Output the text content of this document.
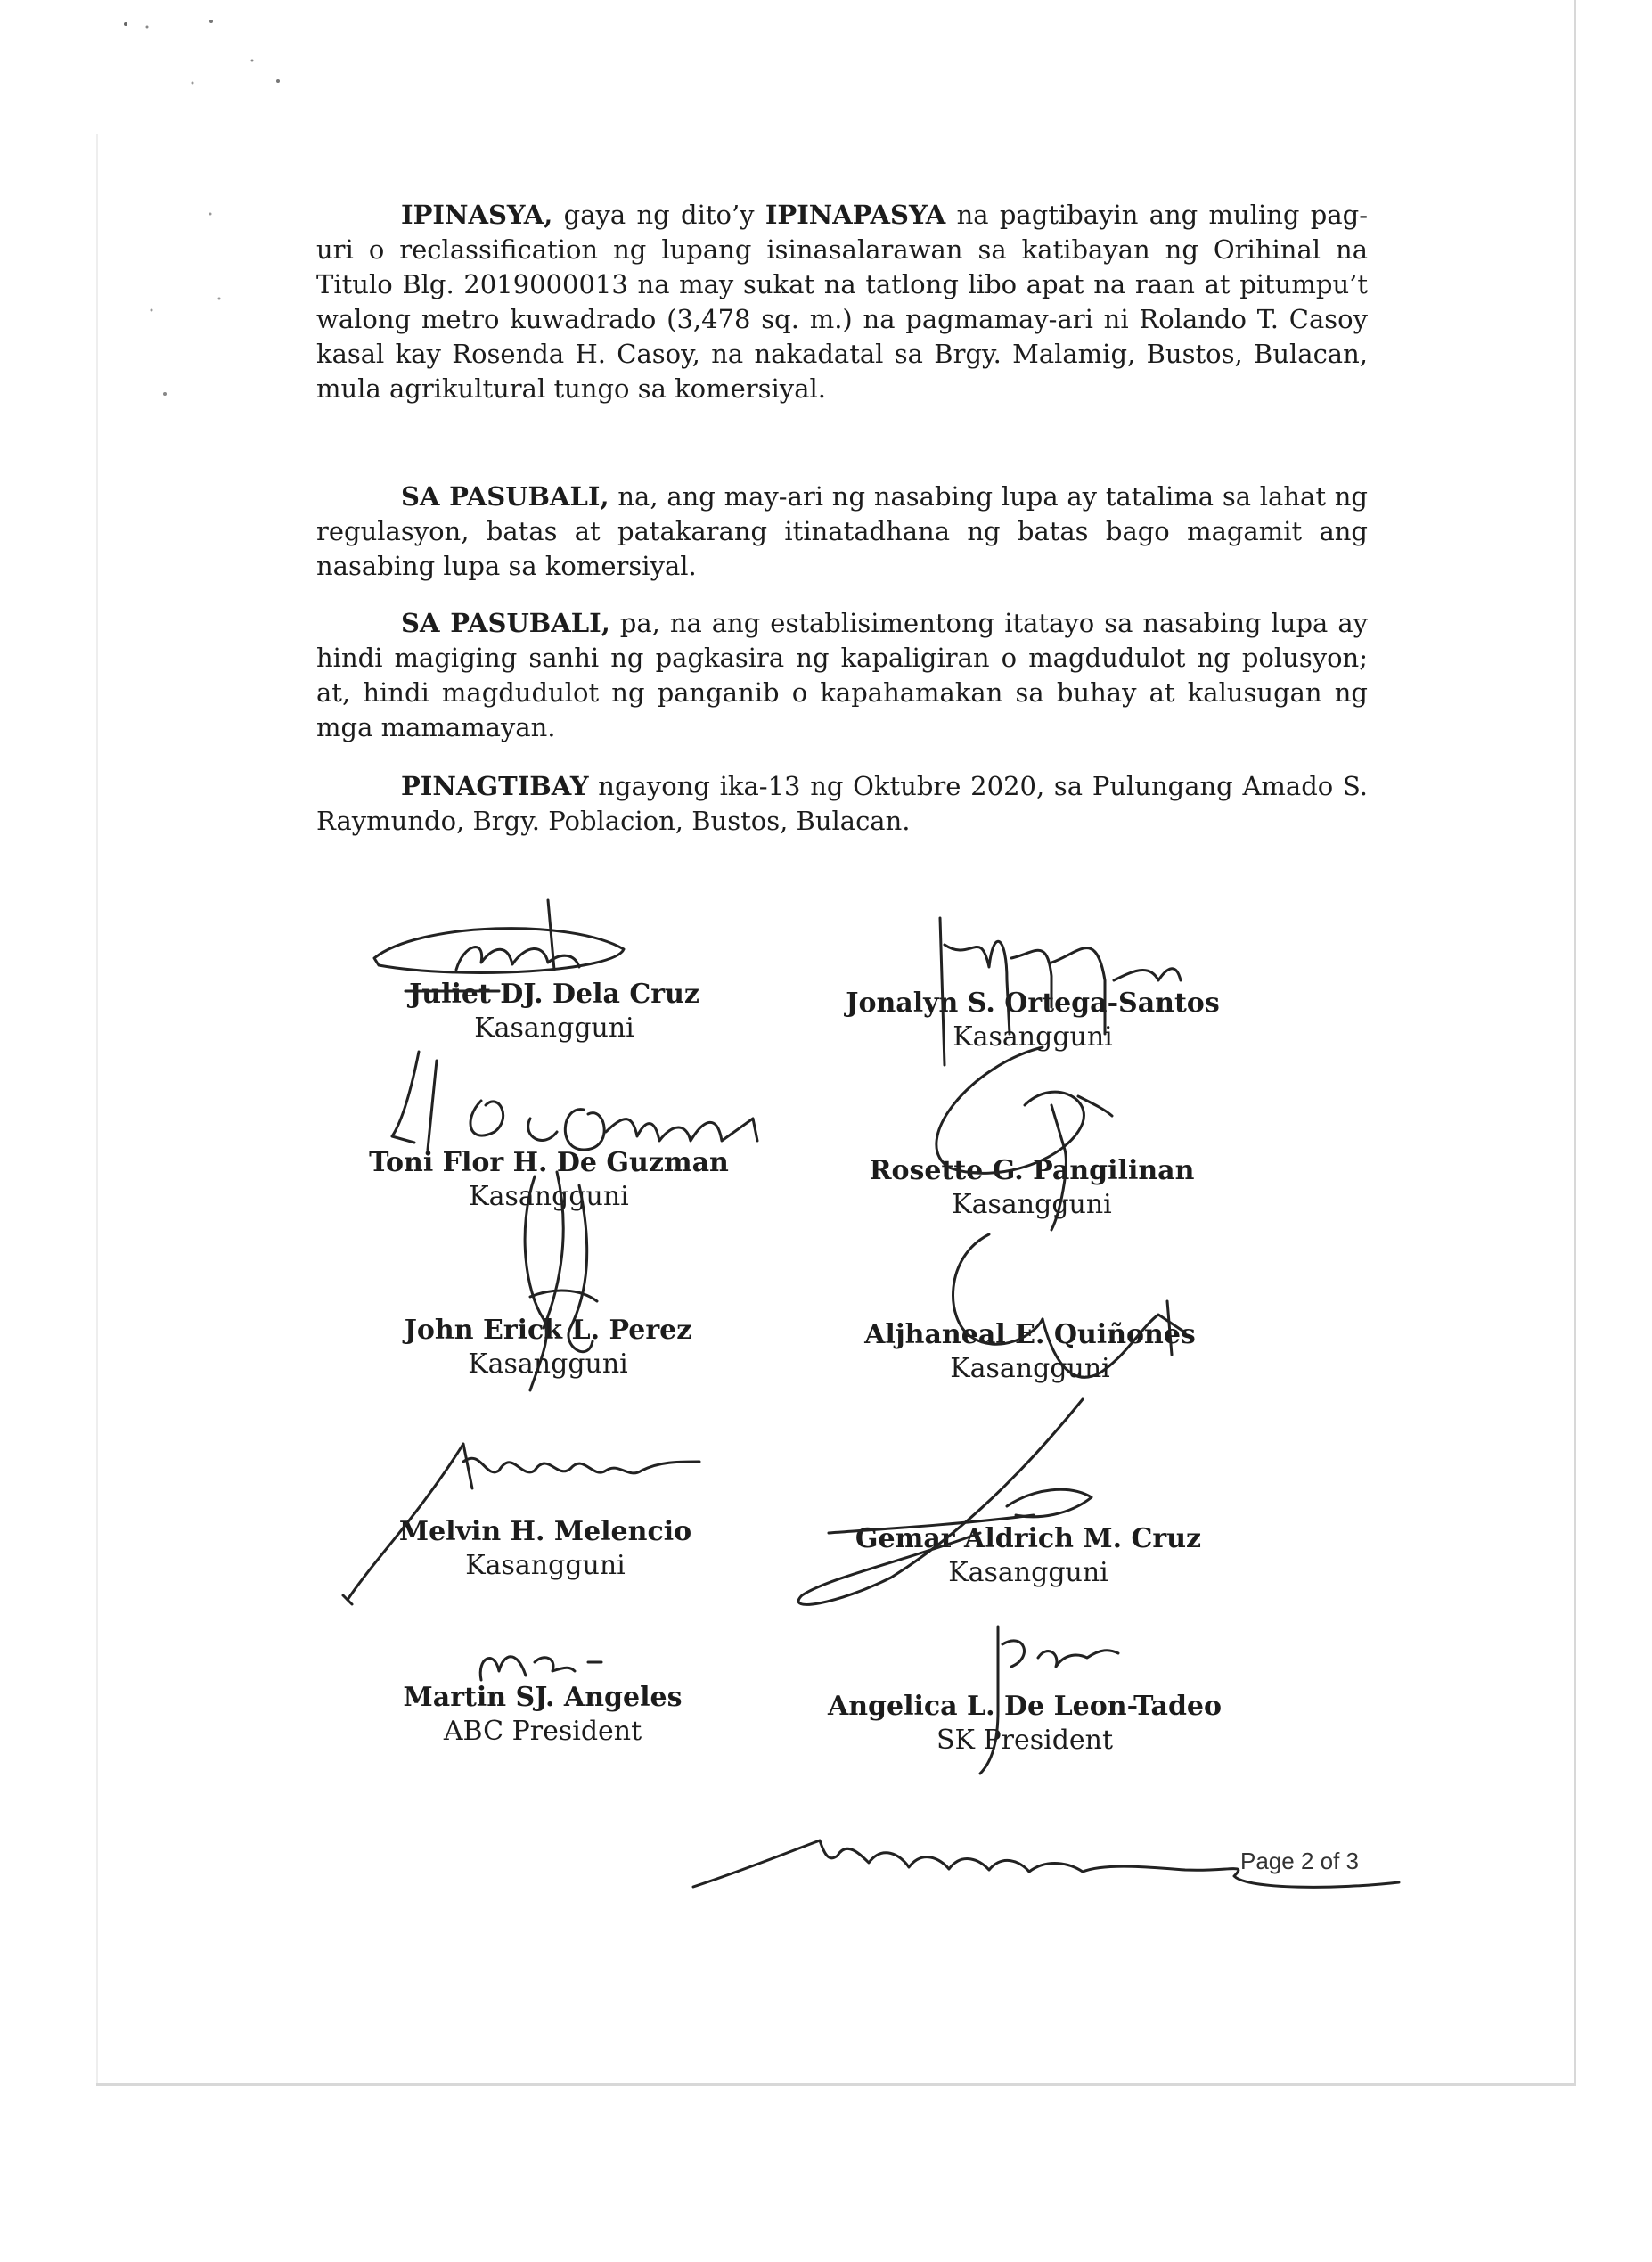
IPINASYA, gaya ng dito’y IPINAPASYA na pagtibayin ang muling pag-uri o reclassification ng lupang isinasalarawan sa katibayan ng Orihinal na Titulo Blg. 2019000013 na may sukat na tatlong libo apat na raan at pitumpu’t walong metro kuwadrado (3,478 sq. m.) na pagmamay-ari ni Rolando T. Casoy kasal kay Rosenda H. Casoy, na nakadatal sa Brgy. Malamig, Bustos, Bulacan, mula agrikultural tungo sa komersiyal.

SA PASUBALI, na, ang may-ari ng nasabing lupa ay tatalima sa lahat ng regulasyon, batas at patakarang itinatadhana ng batas bago magamit ang nasabing lupa sa komersiyal.

SA PASUBALI, pa, na ang establisimentong itatayo sa nasabing lupa ay hindi magiging sanhi ng pagkasira ng kapaligiran o magdudulot ng polusyon; at, hindi magdudulot ng panganib o kapahamakan sa buhay at kalusugan ng mga mamamayan.

PINAGTIBAY ngayong ika-13 ng Oktubre 2020, sa Pulungang Amado S. Raymundo, Brgy. Poblacion, Bustos, Bulacan.

Juliet DJ. Dela Cruz
Kasangguni
Jonalyn S. Ortega-Santos
Kasangguni
Toni Flor H. De Guzman
Kasangguni
Rosette G. Pangilinan
Kasangguni
John Erick L. Perez
Kasangguni
Aljhaneal E. Quiñones
Kasangguni
Melvin H. Melencio
Kasangguni
Gemar Aldrich M. Cruz
Kasangguni
Martin SJ. Angeles
ABC President
Angelica L. De Leon-Tadeo
SK President
Page 2 of 3
